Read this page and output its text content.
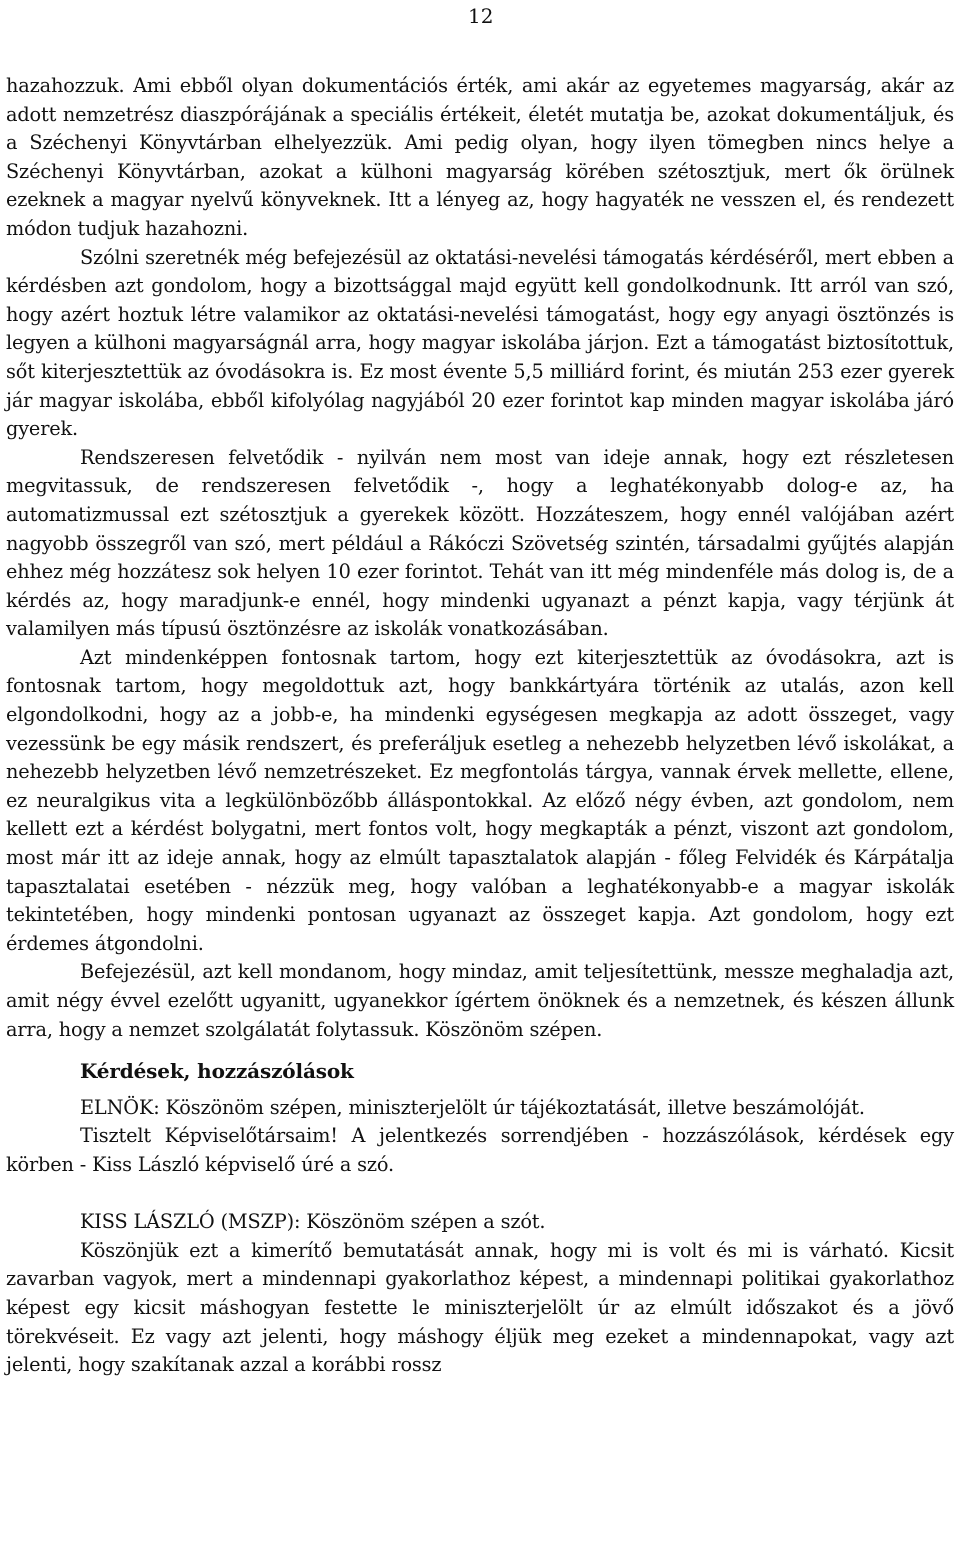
12

hazahozzuk. Ami ebből olyan dokumentációs érték, ami akár az egyetemes magyarság, akár az adott nemzetrész diaszpórájának a speciális értékeit, életét mutatja be, azokat dokumentáljuk, és a Széchenyi Könyvtárban elhelyezzük. Ami pedig olyan, hogy ilyen tömegben nincs helye a Széchenyi Könyvtárban, azokat a külhoni magyarság körében szétosztjuk, mert ők örülnek ezeknek a magyar nyelvű könyveknek. Itt a lényeg az, hogy hagyaték ne vesszen el, és rendezett módon tudjuk hazahozni.

Szólni szeretnék még befejezésül az oktatási-nevelési támogatás kérdéséről, mert ebben a kérdésben azt gondolom, hogy a bizottsággal majd együtt kell gondolkodnunk. Itt arról van szó, hogy azért hoztuk létre valamikor az oktatási-nevelési támogatást, hogy egy anyagi ösztönzés is legyen a külhoni magyarságnál arra, hogy magyar iskolába járjon. Ezt a támogatást biztosítottuk, sőt kiterjesztettük az óvodásokra is. Ez most évente 5,5 milliárd forint, és miután 253 ezer gyerek jár magyar iskolába, ebből kifolyólag nagyjából 20 ezer forintot kap minden magyar iskolába járó gyerek.

Rendszeresen felvetődik - nyilván nem most van ideje annak, hogy ezt részletesen megvitassuk, de rendszeresen felvetődik -, hogy a leghatékonyabb dolog-e az, ha automatizmussal ezt szétosztjuk a gyerekek között. Hozzáteszem, hogy ennél valójában azért nagyobb összegről van szó, mert például a Rákóczi Szövetség szintén, társadalmi gyűjtés alapján ehhez még hozzátesz sok helyen 10 ezer forintot. Tehát van itt még mindenféle más dolog is, de a kérdés az, hogy maradjunk-e ennél, hogy mindenki ugyanazt a pénzt kapja, vagy térjünk át valamilyen más típusú ösztönzésre az iskolák vonatkozásában.

Azt mindenképpen fontosnak tartom, hogy ezt kiterjesztettük az óvodásokra, azt is fontosnak tartom, hogy megoldottuk azt, hogy bankkártyára történik az utalás, azon kell elgondolkodni, hogy az a jobb-e, ha mindenki egységesen megkapja az adott összeget, vagy vezessünk be egy másik rendszert, és preferáljuk esetleg a nehezebb helyzetben lévő iskolákat, a nehezebb helyzetben lévő nemzetrészeket. Ez megfontolás tárgya, vannak érvek mellette, ellene, ez neuralgikus vita a legkülönbözőbb álláspontokkal. Az előző négy évben, azt gondolom, nem kellett ezt a kérdést bolygatni, mert fontos volt, hogy megkapták a pénzt, viszont azt gondolom, most már itt az ideje annak, hogy az elmúlt tapasztalatok alapján - főleg Felvidék és Kárpátalja tapasztalatai esetében - nézzük meg, hogy valóban a leghatékonyabb-e a magyar iskolák tekintetében, hogy mindenki pontosan ugyanazt az összeget kapja. Azt gondolom, hogy ezt érdemes átgondolni.

Befejezésül, azt kell mondanom, hogy mindaz, amit teljesítettünk, messze meghaladja azt, amit négy évvel ezelőtt ugyanitt, ugyanekkor ígértem önöknek és a nemzetnek, és készen állunk arra, hogy a nemzet szolgálatát folytassuk. Köszönöm szépen.

Kérdések, hozzászólások

ELNÖK: Köszönöm szépen, miniszterjelölt úr tájékoztatását, illetve beszámolóját.

Tisztelt Képviselőtársaim! A jelentkezés sorrendjében - hozzászólások, kérdések egy körben - Kiss László képviselő úré a szó.

KISS LÁSZLÓ (MSZP): Köszönöm szépen a szót.

Köszönjük ezt a kimerítő bemutatását annak, hogy mi is volt és mi is várható. Kicsit zavarban vagyok, mert a mindennapi gyakorlathoz képest, a mindennapi politikai gyakorlathoz képest egy kicsit máshogyan festette le miniszterjelölt úr az elmúlt időszakot és a jövő törekvéseit. Ez vagy azt jelenti, hogy máshogy éljük meg ezeket a mindennapokat, vagy azt jelenti, hogy szakítanak azzal a korábbi rossz
